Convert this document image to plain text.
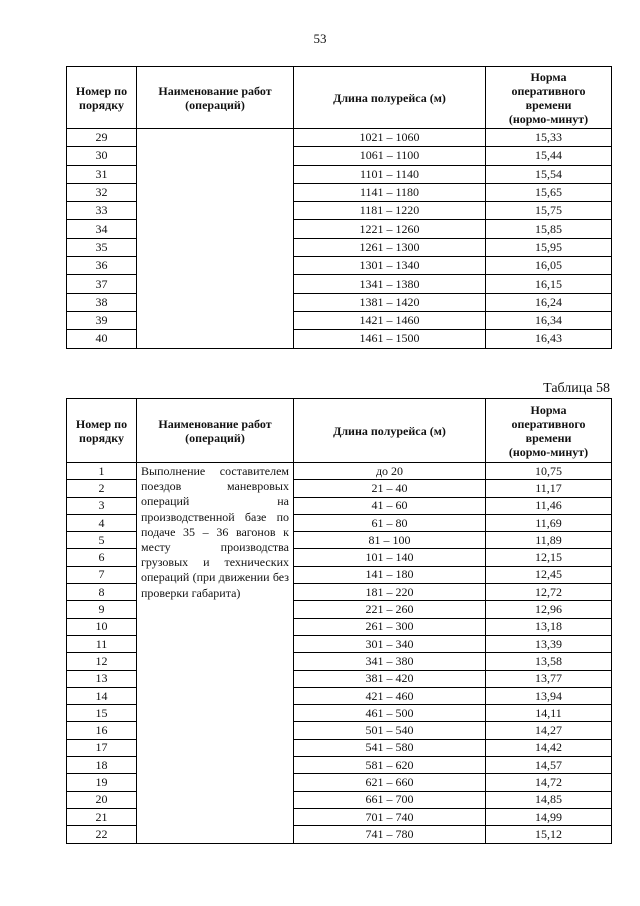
53
Номер по порядку	Наименование работ (операций)	Длина полурейса (м)	Норма
оперативного
времени
(нормо-минут)
29		1021 – 1060	15,33
30		1061 – 1100	15,44
31		1101 – 1140	15,54
32		1141 – 1180	15,65
33		1181 – 1220	15,75
34		1221 – 1260	15,85
35		1261 – 1300	15,95
36		1301 – 1340	16,05
37		1341 – 1380	16,15
38		1381 – 1420	16,24
39		1421 – 1460	16,34
40		1461 – 1500	16,43
Таблица 58
Номер по порядку	Наименование работ (операций)	Длина полурейса (м)	Норма
оперативного
времени
(нормо-минут)
1	Выполнение составителем поездов маневровых операций на производственной базе по подаче 35 – 36 вагонов к месту производства грузовых и технических операций (при движении без проверки габарита)	до 20	10,75
2		21 – 40	11,17
3		41 – 60	11,46
4		61 – 80	11,69
5		81 – 100	11,89
6		101 – 140	12,15
7		141 – 180	12,45
8		181 – 220	12,72
9		221 – 260	12,96
10		261 – 300	13,18
11		301 – 340	13,39
12		341 – 380	13,58
13		381 – 420	13,77
14		421 – 460	13,94
15		461 – 500	14,11
16		501 – 540	14,27
17		541 – 580	14,42
18		581 – 620	14,57
19		621 – 660	14,72
20		661 – 700	14,85
21		701 – 740	14,99
22		741 – 780	15,12
